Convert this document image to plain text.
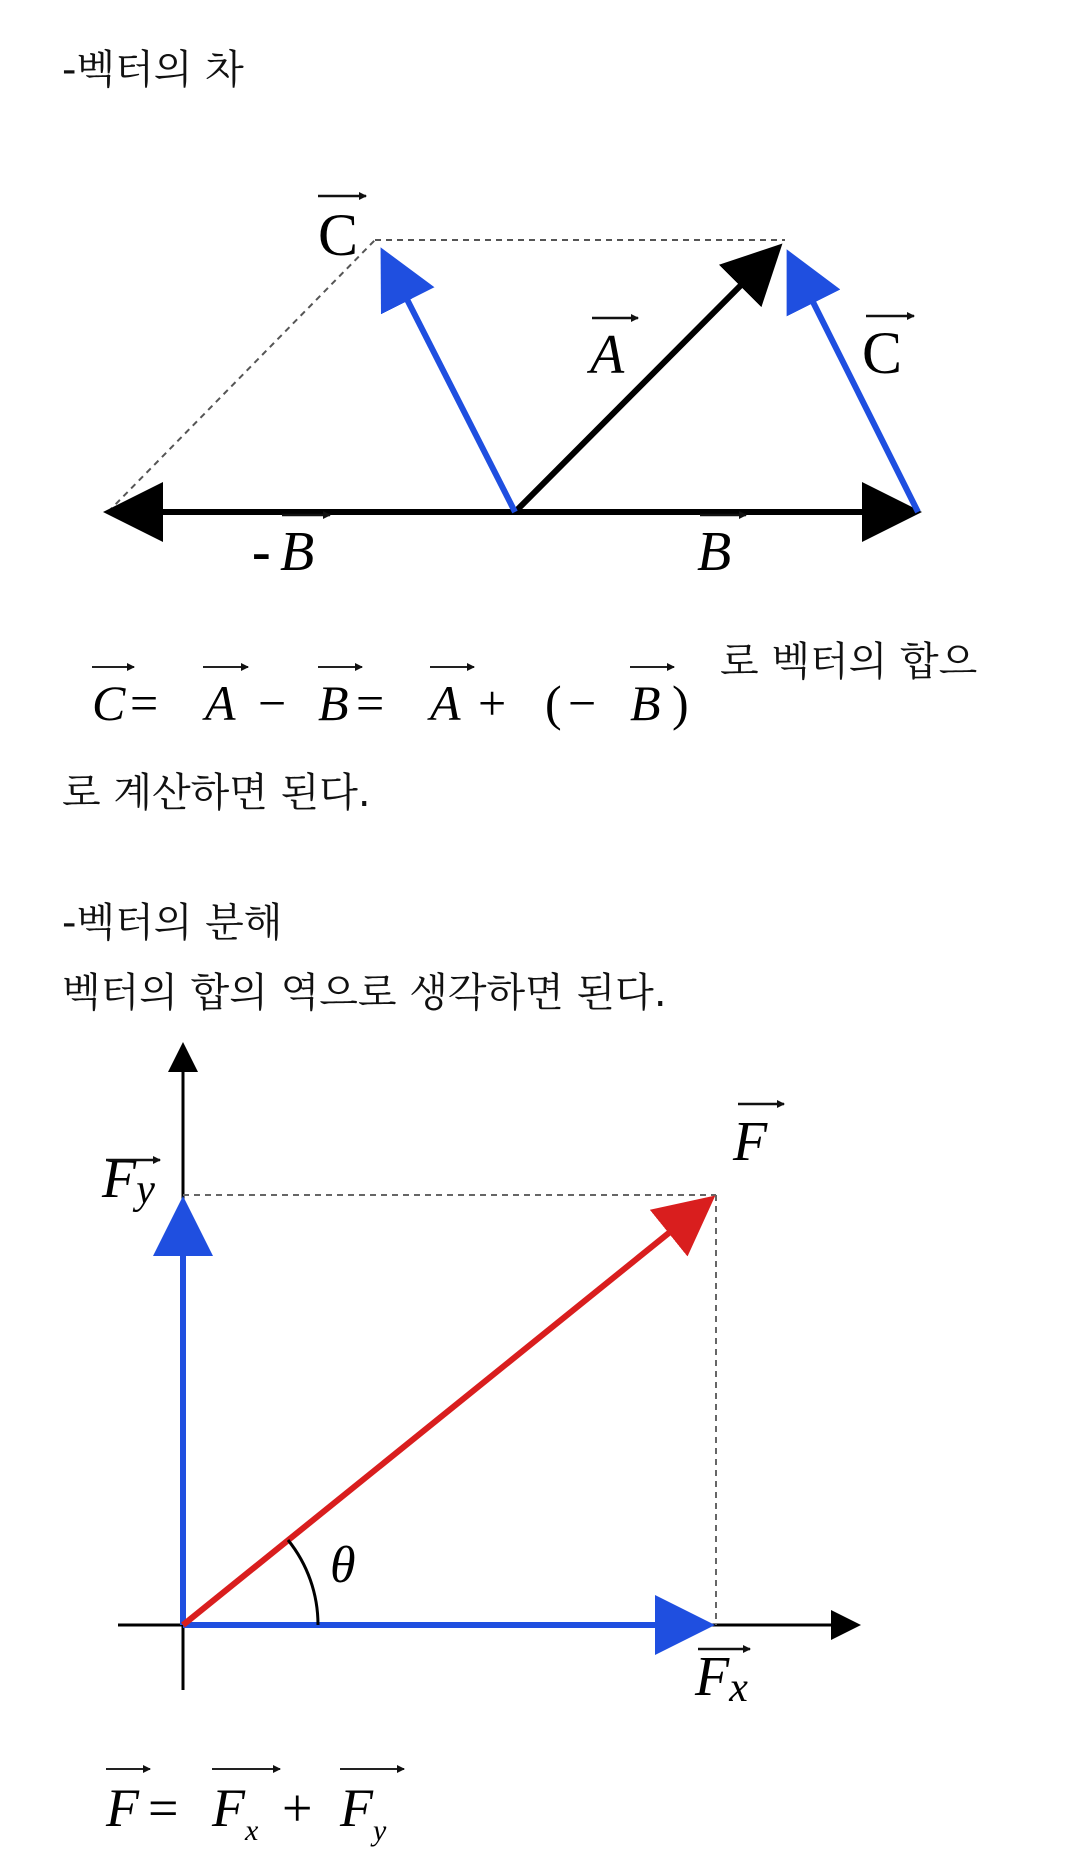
-벡터의 차
C
A	C
- B	B
C = A − B = A + ( − B )
로 벡터의 합으
로 계산하면 된다.
-벡터의 분해
벡터의 합의 역으로 생각하면 된다.
θ
F
Fy
Fx
$F = F_x + F_y$
